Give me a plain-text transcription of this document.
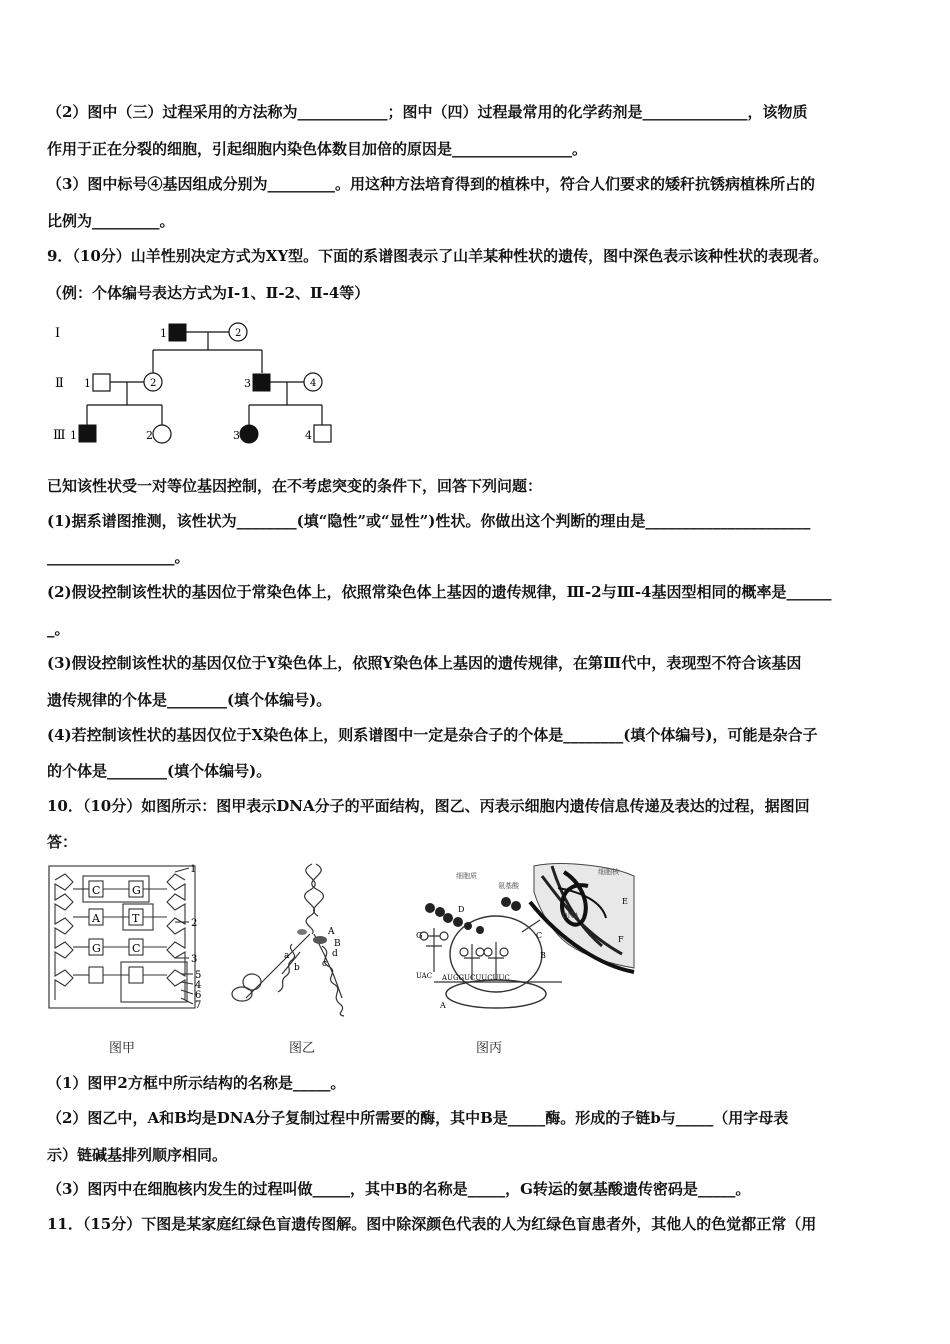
（2）图中（三）过程采用的方法称为____________；图中（四）过程最常用的化学药剂是______________，该物质
作用于正在分裂的细胞，引起细胞内染色体数目加倍的原因是________________。
（3）图中标号④基因组成分别为_________。用这种方法培育得到的植株中，符合人们要求的矮秆抗锈病植株所占的
比例为_________。
9．（10分）山羊性别决定方式为XY型。下面的系谱图表示了山羊某种性状的遗传，图中深色表示该种性状的表现者。
（例：个体编号表达方式为Ⅰ-1、Ⅱ-2、Ⅱ-4等）
Ⅰ
Ⅱ
Ⅲ
1	2
1	2	3	4
1	2	3	4
已知该性状受一对等位基因控制，在不考虑突变的条件下，回答下列问题：
(1)据系谱图推测，该性状为________(填“隐性”或“显性”)性状。你做出这个判断的理由是______________________
_________________。
(2)假设控制该性状的基因位于常染色体上，依照常染色体上基因的遗传规律，Ⅲ-2与Ⅲ-4基因型相同的概率是______
_。
(3)假设控制该性状的基因仅位于Y染色体上，依照Y染色体上基因的遗传规律，在第Ⅲ代中，表现型不符合该基因
遗传规律的个体是________(填个体编号)。
(4)若控制该性状的基因仅位于X染色体上，则系谱图中一定是杂合子的个体是________(填个体编号)，可能是杂合子
的个体是________(填个体编号)。
10．（10分）如图所示：图甲表示DNA分子的平面结构，图乙、丙表示细胞内遗传信息传递及表达的过程，据图回
答：
C
A
G
G
T
C
1
2
3
5
4
6
7
A
B
a
b c
d
细胞质
氨基酸
细胞核
DNA
D
G	C
E
F
A
B
UAC AUGGUCUUCUUC
图甲	图乙	图丙
（1）图甲2方框中所示结构的名称是_____。
（2）图乙中，A和B均是DNA分子复制过程中所需要的酶，其中B是_____酶。形成的子链b与_____（用字母表
示）链碱基排列顺序相同。
（3）图丙中在细胞核内发生的过程叫做_____，其中B的名称是_____，G转运的氨基酸遗传密码是_____。
11．（15分）下图是某家庭红绿色盲遗传图解。图中除深颜色代表的人为红绿色盲患者外，其他人的色觉都正常（用
